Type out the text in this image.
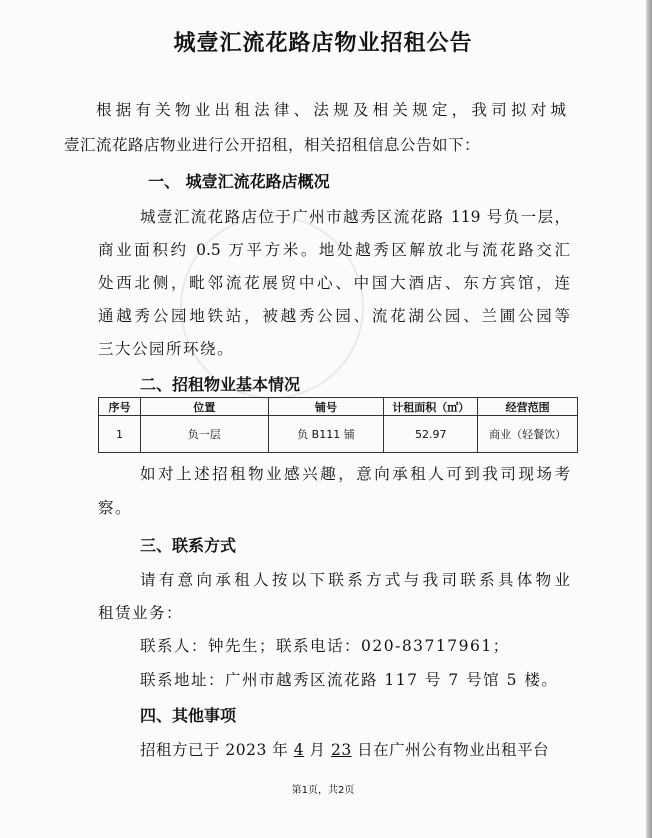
城壹汇流花路店物业招租公告
根据有关物业出租法律、法规及相关规定，我司拟对城
壹汇流花路店物业进行公开招租，相关招租信息公告如下：
一、 城壹汇流花路店概况
城壹汇流花路店位于广州市越秀区流花路 119 号负一层，
商业面积约 0.5 万平方米。地处越秀区解放北与流花路交汇
处西北侧，毗邻流花展贸中心、中国大酒店、东方宾馆，连
通越秀公园地铁站，被越秀公园、流花湖公园、兰圃公园等
三大公园所环绕。
二、招租物业基本情况
序号	位置	铺号	计租面积（㎡）	经营范围
1	负一层	负 B111 铺	52.97	商业（轻餐饮）
如对上述招租物业感兴趣，意向承租人可到我司现场考
察。
三、联系方式
请有意向承租人按以下联系方式与我司联系具体物业
租赁业务：
联系人：钟先生；联系电话：020-83717961；
联系地址：广州市越秀区流花路 117 号 7 号馆 5 楼。
四、其他事项
招租方已于 2023 年 4 月 23 日在广州公有物业出租平台
第1页，共2页
